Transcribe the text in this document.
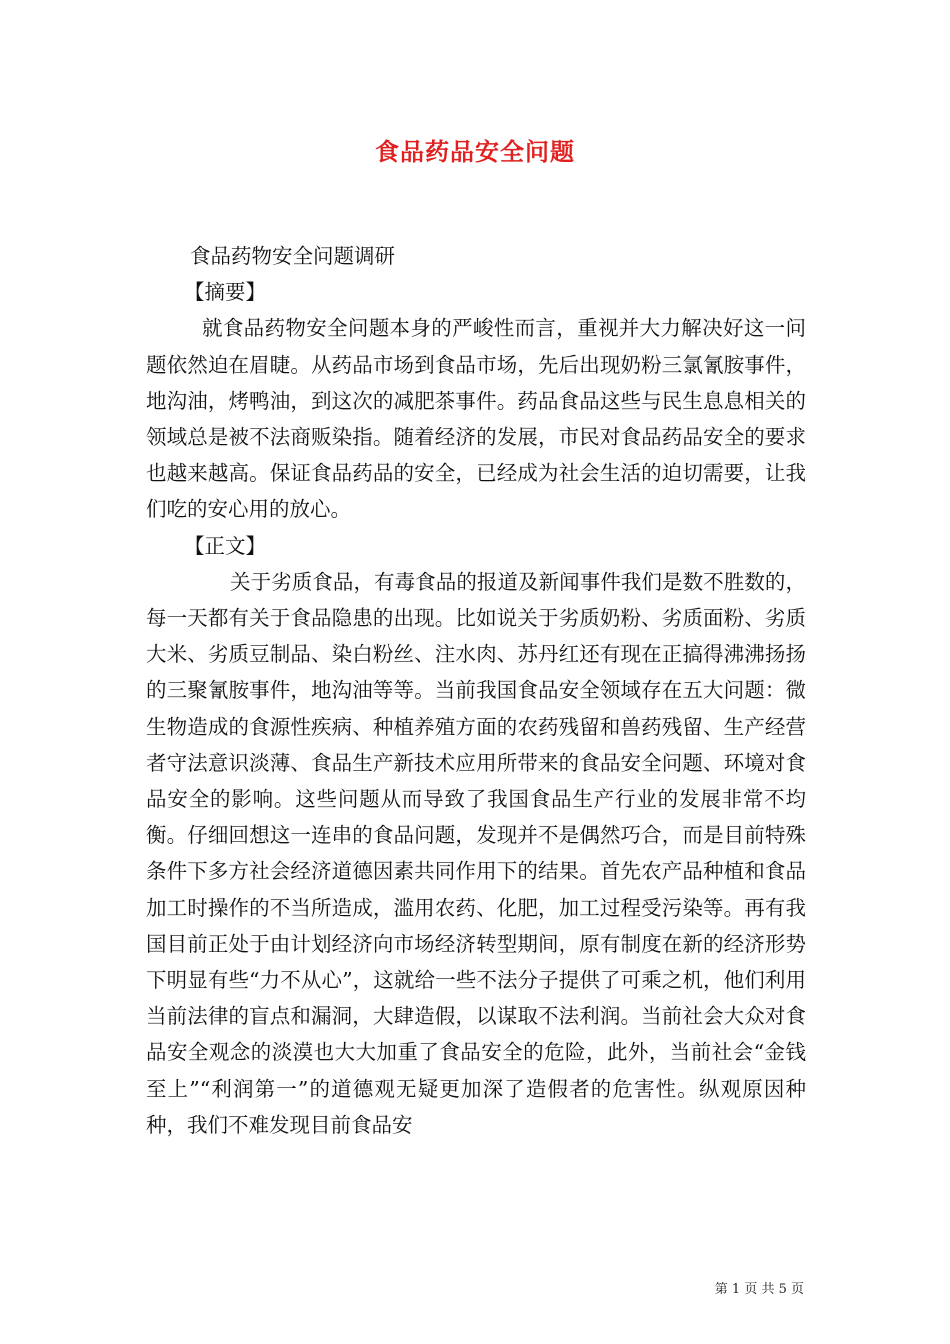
食品药品安全问题

食品药物安全问题调研

【摘要】

就食品药物安全问题本身的严峻性而言，重视并大力解决好这一问题依然迫在眉睫。从药品市场到食品市场，先后出现奶粉三氯氰胺事件，地沟油，烤鸭油，到这次的减肥茶事件。药品食品这些与民生息息相关的领域总是被不法商贩染指。随着经济的发展，市民对食品药品安全的要求也越来越高。保证食品药品的安全，已经成为社会生活的迫切需要，让我们吃的安心用的放心。

【正文】

关于劣质食品，有毒食品的报道及新闻事件我们是数不胜数的，每一天都有关于食品隐患的出现。比如说关于劣质奶粉、劣质面粉、劣质大米、劣质豆制品、染白粉丝、注水肉、苏丹红还有现在正搞得沸沸扬扬的三聚氰胺事件，地沟油等等。当前我国食品安全领域存在五大问题：微生物造成的食源性疾病、种植养殖方面的农药残留和兽药残留、生产经营者守法意识淡薄、食品生产新技术应用所带来的食品安全问题、环境对食品安全的影响。这些问题从而导致了我国食品生产行业的发展非常不均衡。仔细回想这一连串的食品问题，发现并不是偶然巧合，而是目前特殊条件下多方社会经济道德因素共同作用下的结果。首先农产品种植和食品加工时操作的不当所造成，滥用农药、化肥，加工过程受污染等。再有我国目前正处于由计划经济向市场经济转型期间，原有制度在新的经济形势下明显有些“力不从心”，这就给一些不法分子提供了可乘之机，他们利用当前法律的盲点和漏洞，大肆造假，以谋取不法利润。当前社会大众对食品安全观念的淡漠也大大加重了食品安全的危险，此外，当前社会“金钱至上”“利润第一”的道德观无疑更加深了造假者的危害性。纵观原因种种，我们不难发现目前食品安

第 1 页 共 5 页
